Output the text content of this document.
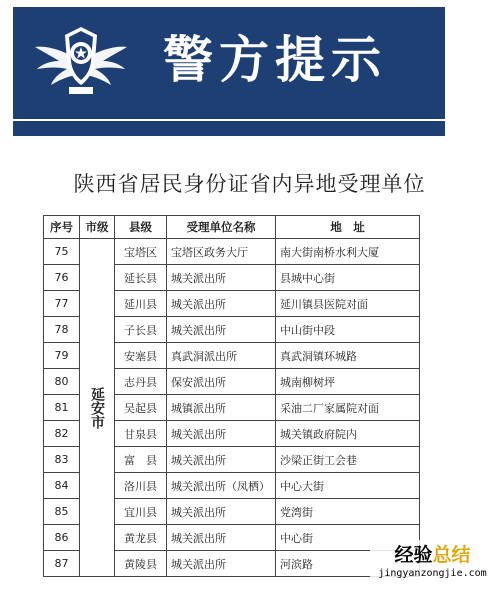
警方提示
陕西省居民身份证省内异地受理单位
序号	市级	县级	受理单位名称	地　址
75	延安市	宝塔区	宝塔区政务大厅	南大街南桥水利大厦
76		延长县	城关派出所	县城中心街
77		延川县	城关派出所	延川镇县医院对面
78		子长县	城关派出所	中山街中段
79		安塞县	真武洞派出所	真武洞镇环城路
80		志丹县	保安派出所	城南柳树坪
81		吴起县	城镇派出所	采油二厂家属院对面
82		甘泉县	城关派出所	城关镇政府院内
83		富　县	城关派出所	沙梁正街工会巷
84		洛川县	城关派出所（凤栖）	中心大街
85		宜川县	城关派出所	党湾街
86		黄龙县	城关派出所	中心街
87		黄陵县	城关派出所	河滨路	经验总结
jingyanzongjie.com
